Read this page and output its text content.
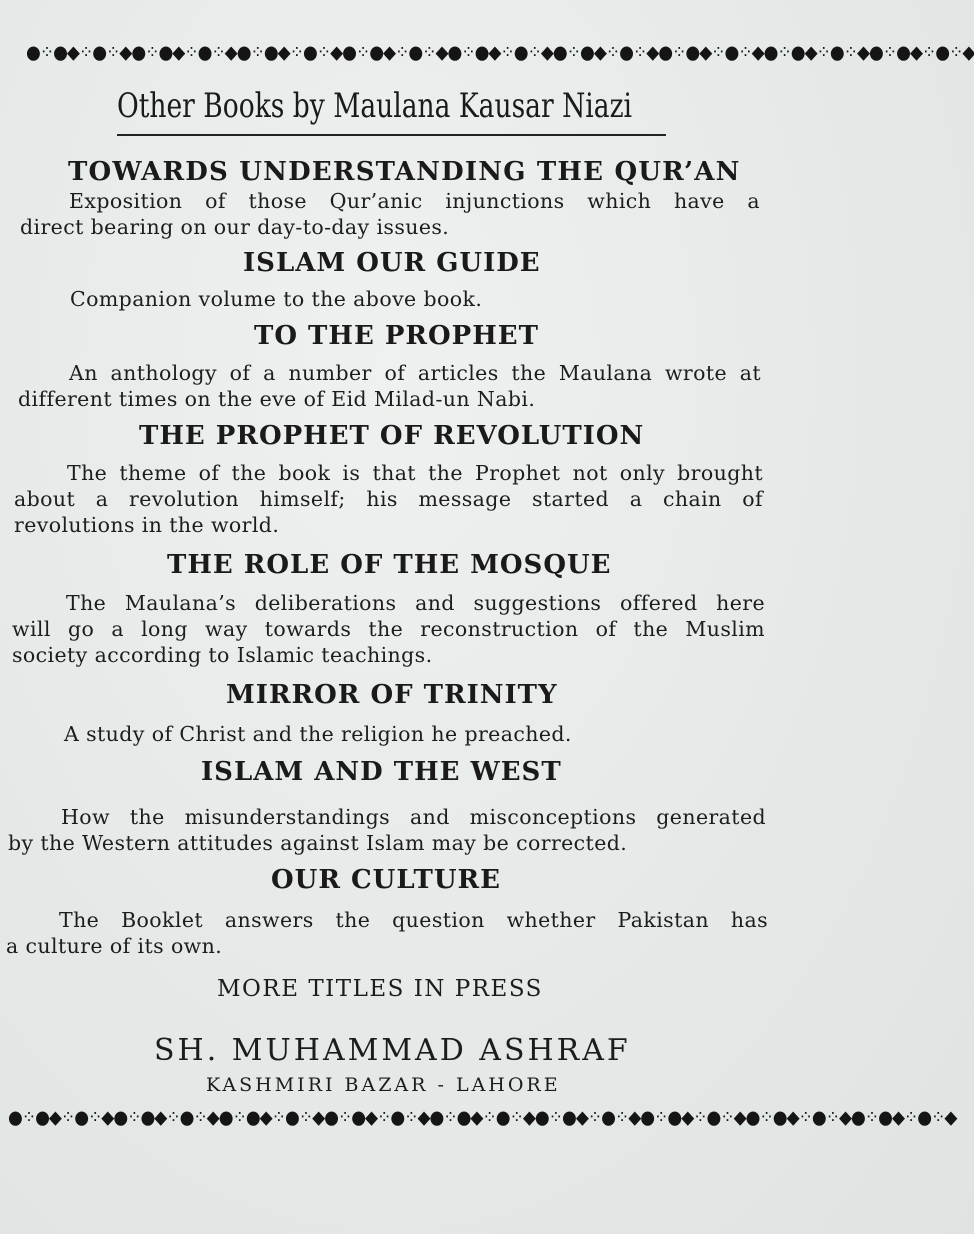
●⁘●◆⁘●⁘◆●⁘●◆⁘●⁘◆●⁘●◆⁘●⁘◆●⁘●◆⁘●⁘◆●⁘●◆⁘●⁘◆●⁘●◆⁘●⁘◆●⁘●◆⁘●⁘◆●⁘●◆⁘●⁘◆●⁘●◆⁘●⁘◆
Other Books by Maulana Kausar Niazi
TOWARDS UNDERSTANDING THE QUR’AN
Exposition of those Qur’anic injunctions which have a
direct bearing on our day-to-day issues.
ISLAM OUR GUIDE
Companion volume to the above book.
TO THE PROPHET
An anthology of a number of articles the Maulana wrote at
different times on the eve of Eid Milad-un Nabi.
THE PROPHET OF REVOLUTION
The theme of the book is that the Prophet not only brought
about a revolution himself; his message started a chain of
revolutions in the world.
THE ROLE OF THE MOSQUE
The Maulana’s deliberations and suggestions offered here
will go a long way towards the reconstruction of the Muslim
society according to Islamic teachings.
MIRROR OF TRINITY
A study of Christ and the religion he preached.
ISLAM AND THE WEST
How the misunderstandings and misconceptions generated
by the Western attitudes against Islam may be corrected.
OUR CULTURE
The Booklet answers the question whether Pakistan has
a culture of its own.
MORE TITLES IN PRESS
SH. MUHAMMAD ASHRAF
KASHMIRI BAZAR - LAHORE
●⁘●◆⁘●⁘◆●⁘●◆⁘●⁘◆●⁘●◆⁘●⁘◆●⁘●◆⁘●⁘◆●⁘●◆⁘●⁘◆●⁘●◆⁘●⁘◆●⁘●◆⁘●⁘◆●⁘●◆⁘●⁘◆●⁘●◆⁘●⁘◆
